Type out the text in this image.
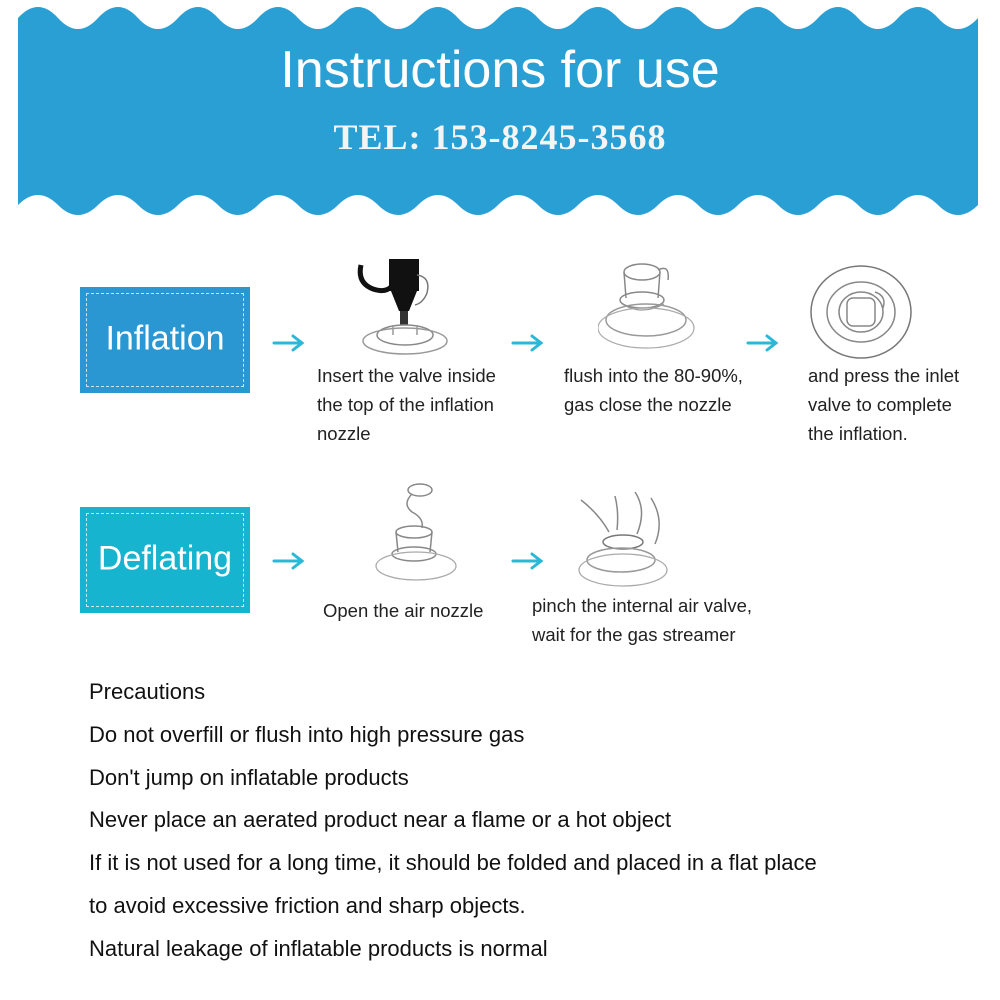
Instructions for use
TEL: 153-8245-3568
Inflation
Insert the valve inside
the top of the inflation
nozzle
flush into the 80-90%,
gas close the nozzle
and press the inlet
valve to complete
the inflation.
Deflating
Open the air nozzle	pinch the internal air valve,
wait for the gas streamer
Precautions
Do not overfill or flush into high pressure gas
Don't jump on inflatable products
Never place an aerated product near a flame or a hot object
If it is not used for a long time, it should be folded and placed in a flat place
to avoid excessive friction and sharp objects.
Natural leakage of inflatable products is normal
